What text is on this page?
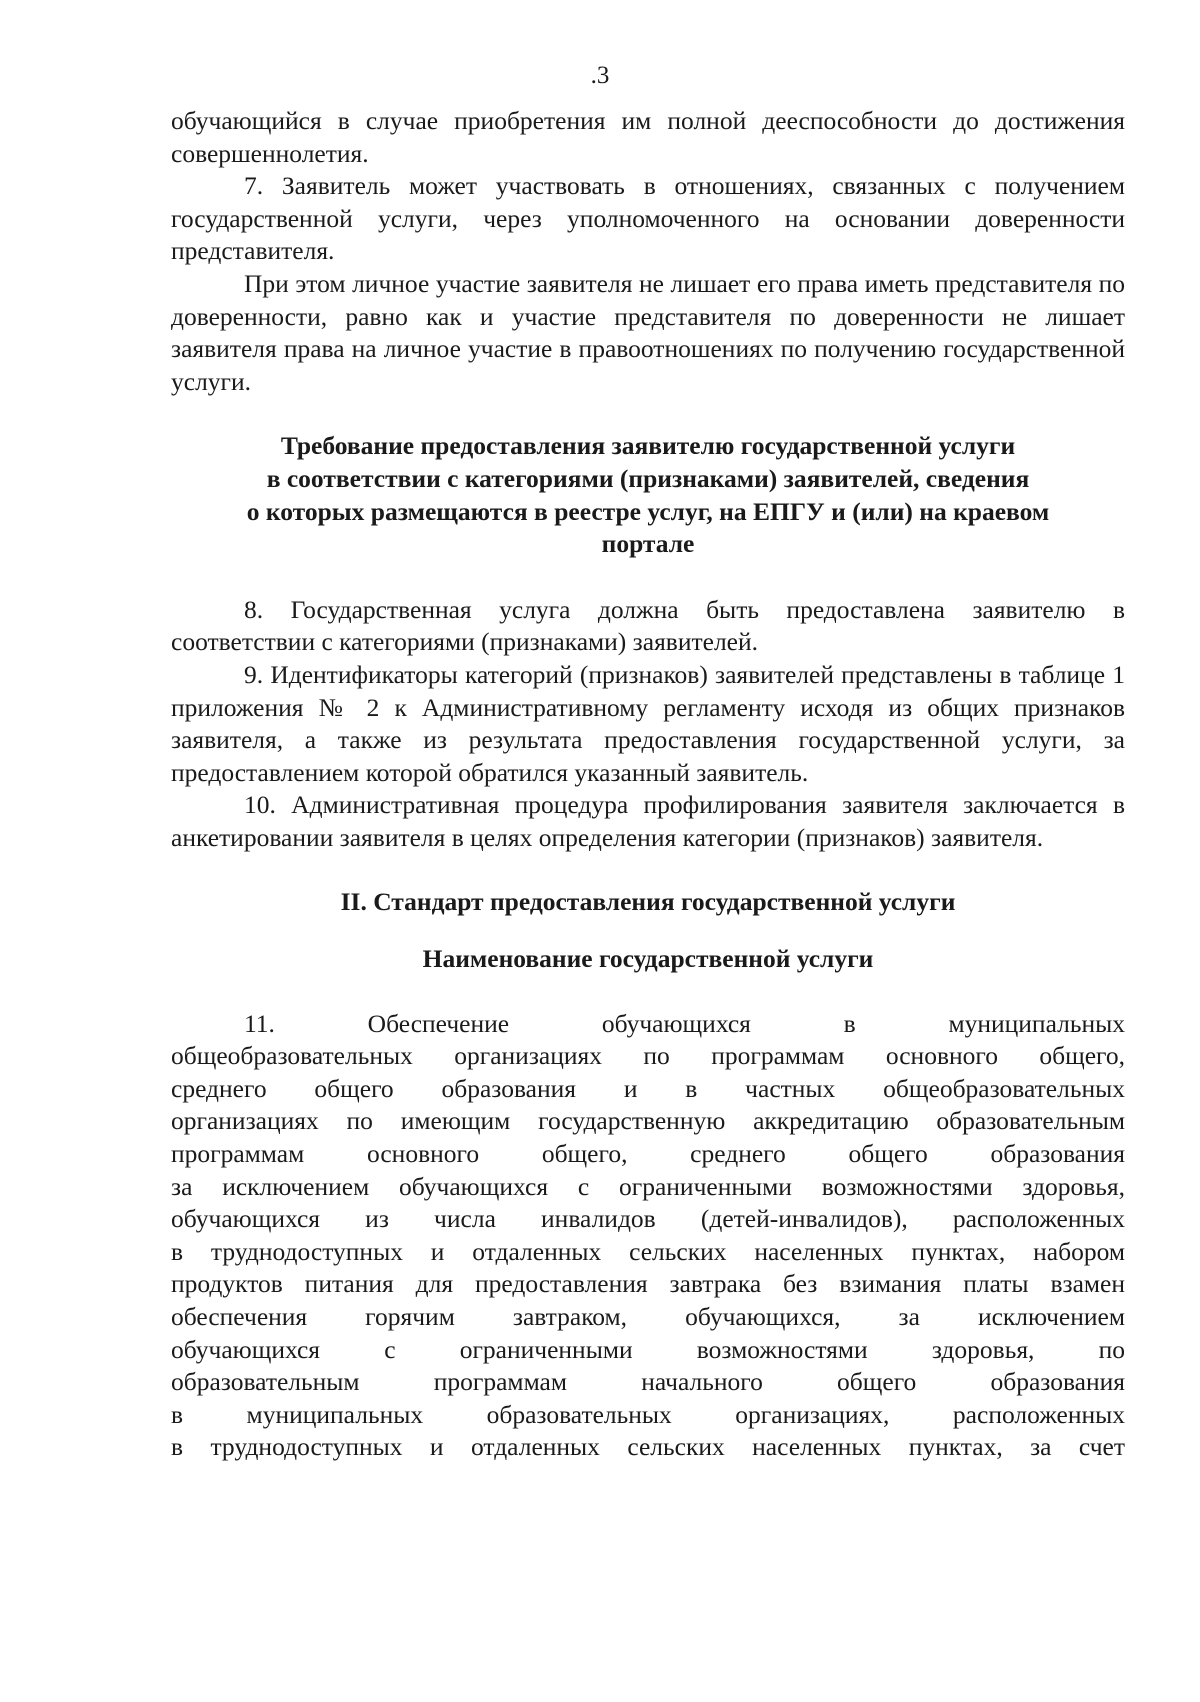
.3

обучающийся в случае приобретения им полной дееспособности до достижения совершеннолетия.

7. Заявитель может участвовать в отношениях, связанных с получением государственной услуги, через уполномоченного на основании доверенности представителя.

При этом личное участие заявителя не лишает его права иметь представителя по доверенности, равно как и участие представителя по доверенности не лишает заявителя права на личное участие в правоотношениях по получению государственной услуги.

Требование предоставления заявителю государственной услуги
в соответствии с категориями (признаками) заявителей, сведения
о которых размещаются в реестре услуг, на ЕПГУ и (или) на краевом
портале

8. Государственная услуга должна быть предоставлена заявителю в соответствии с категориями (признаками) заявителей.

9. Идентификаторы категорий (признаков) заявителей представлены в таблице 1 приложения № 2 к Административному регламенту исходя из общих признаков заявителя, а также из результата предоставления государственной услуги, за предоставлением которой обратился указанный заявитель.

10. Административная процедура профилирования заявителя заключается в анкетировании заявителя в целях определения категории (признаков) заявителя.

II. Стандарт предоставления государственной услуги
Наименование государственной услуги
11. Обеспечение обучающихся в муниципальных
общеобразовательных организациях по программам основного общего,
среднего общего образования и в частных общеобразовательных
организациях по имеющим государственную аккредитацию образовательным
программам основного общего, среднего общего образования
за исключением обучающихся с ограниченными возможностями здоровья,
обучающихся из числа инвалидов (детей-инвалидов), расположенных
в труднодоступных и отдаленных сельских населенных пунктах, набором
продуктов питания для предоставления завтрака без взимания платы взамен
обеспечения горячим завтраком, обучающихся, за исключением
обучающихся с ограниченными возможностями здоровья, по
образовательным программам начального общего образования
в муниципальных образовательных организациях, расположенных
в труднодоступных и отдаленных сельских населенных пунктах, за счет
